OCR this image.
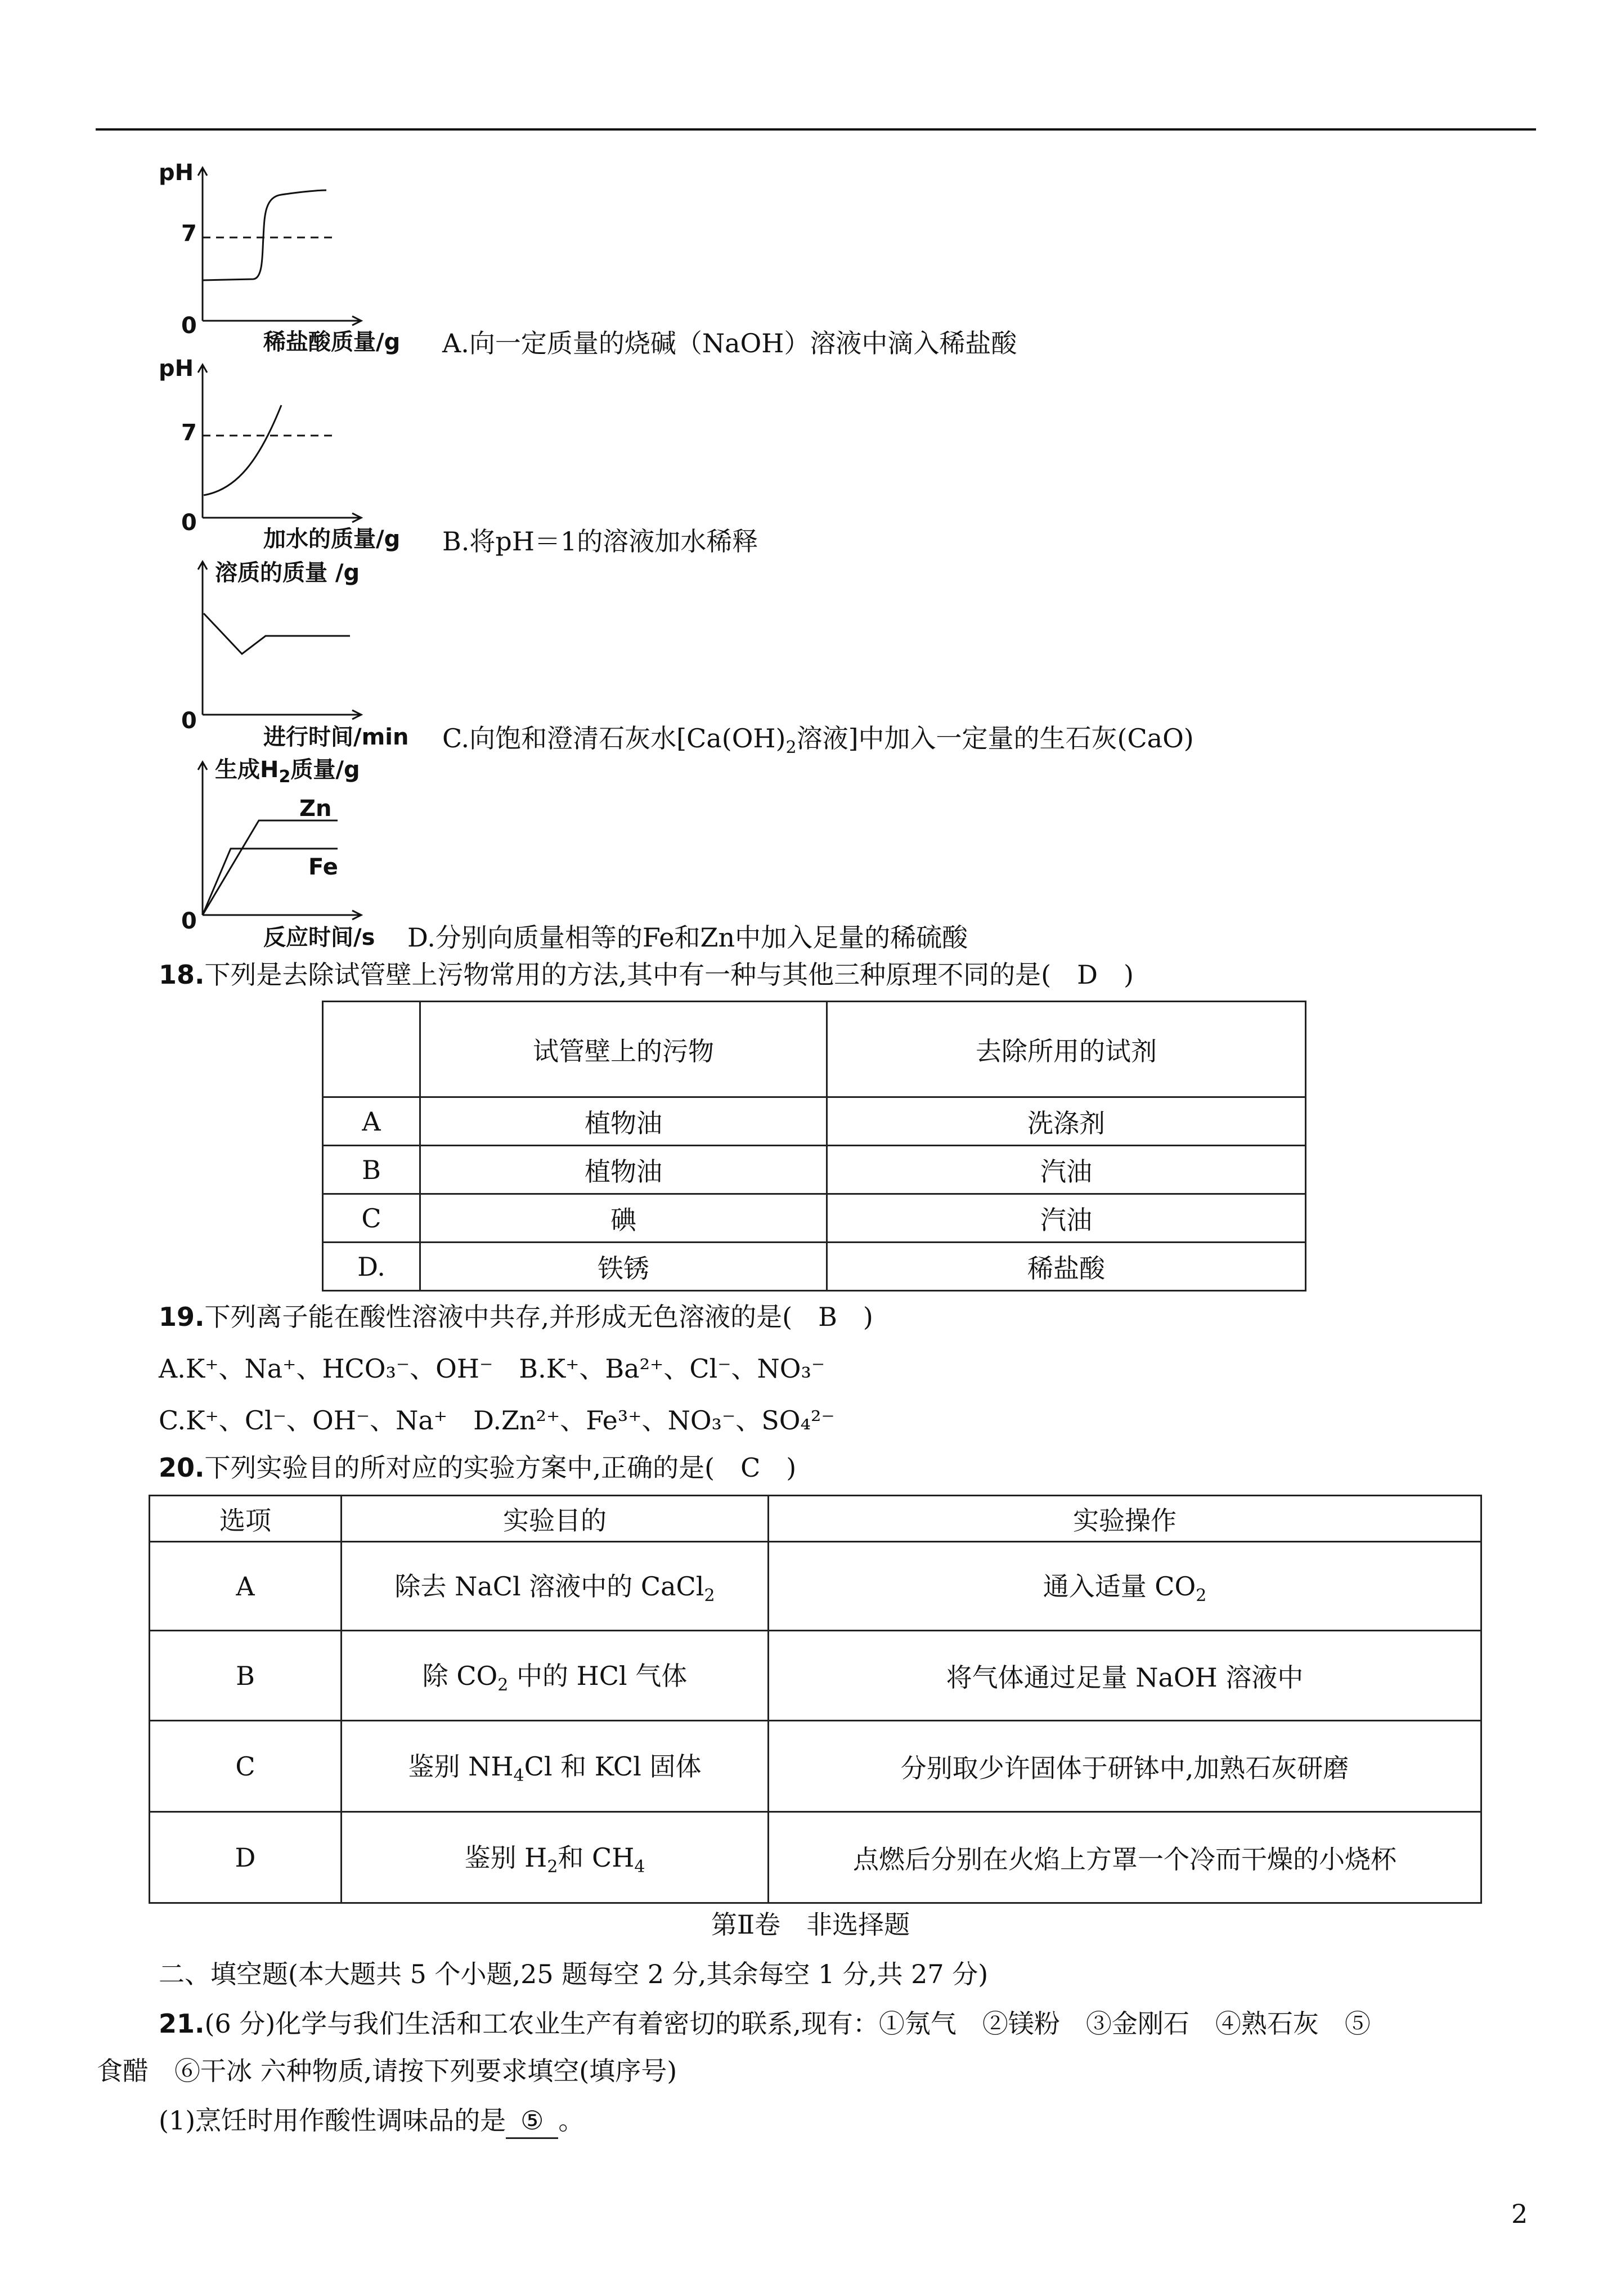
pH
7
0
稀盐酸质量/g A.向一定质量的烧碱（NaOH）溶液中滴入稀盐酸
pH
7
0
加水的质量/g B.将pH＝1的溶液加水稀释
溶质的质量 /g
0
进行时间/min C.向饱和澄清石灰水[$Ca(OH)_2$溶液]中加入一定量的生石灰(CaO)
生成$H_2$质量/g
0
Zn
Fe
反应时间/s D.分别向质量相等的Fe和Zn中加入足量的稀硫酸
18.下列是去除试管壁上污物常用的方法,其中有一种与其他三种原理不同的是(　D　)
	试管壁上的污物	去除所用的试剂
A	植物油	洗涤剂
B	植物油	汽油
C	碘	汽油
D.	铁锈	稀盐酸
19.下列离子能在酸性溶液中共存,并形成无色溶液的是(　B　)
A.K⁺、Na⁺、HCO₃⁻、OH⁻　B.K⁺、Ba²⁺、Cl⁻、NO₃⁻
C.K⁺、Cl⁻、OH⁻、Na⁺　D.Zn²⁺、Fe³⁺、NO₃⁻、SO₄²⁻
20.下列实验目的所对应的实验方案中,正确的是(　C　)
选项	实验目的	实验操作
A	除去 NaCl 溶液中的 CaCl$_2$	通入适量 $CO_2$
B	除 $CO_2$ 中的 HCl 气体	将气体通过足量 NaOH 溶液中
C	鉴别 $NH_4Cl$ 和 KCl 固体	分别取少许固体于研钵中,加熟石灰研磨
D	鉴别 $H_2$和 $CH_4$	点燃后分别在火焰上方罩一个冷而干燥的小烧杯
第Ⅱ卷　非选择题
二、填空题(本大题共 5 个小题,25 题每空 2 分,其余每空 1 分,共 27 分)
21.(6 分)化学与我们生活和工农业生产有着密切的联系,现有：①氖气　②镁粉　③金刚石　④熟石灰　⑤
食醋　⑥干冰 六种物质,请按下列要求填空(填序号)
(1)烹饪时用作酸性调味品的是 ⑤ 。
2
